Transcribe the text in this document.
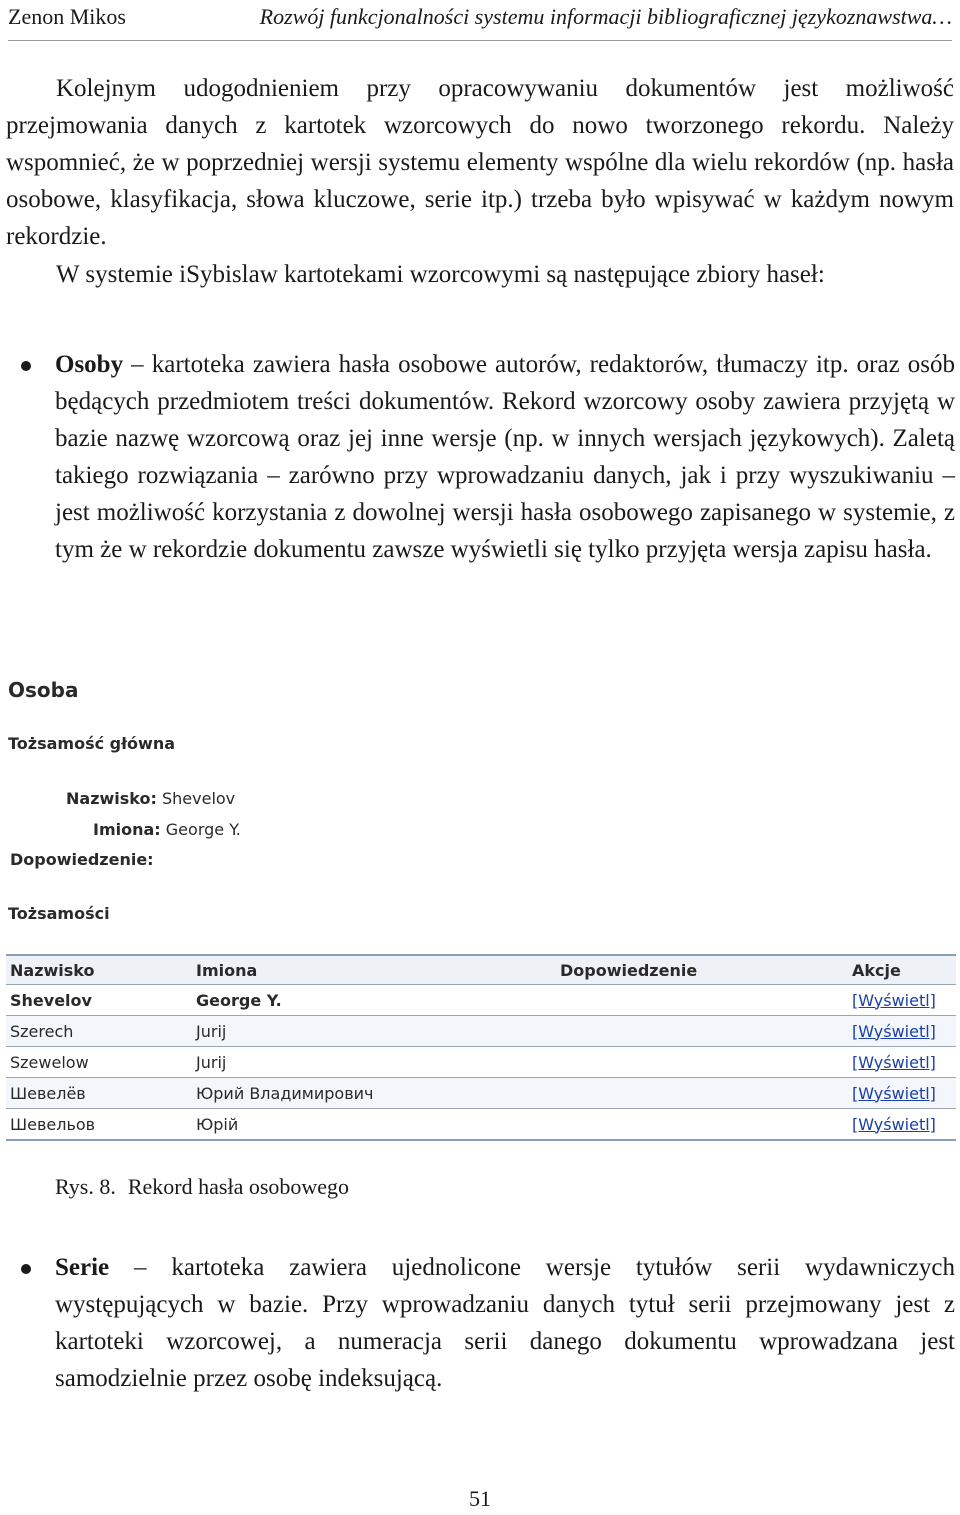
Zenon Mikos	Rozwój funkcjonalności systemu informacji bibliograficznej językoznawstwa…

Kolejnym udogodnieniem przy opracowywaniu dokumentów jest możliwość przejmowania danych z kartotek wzorcowych do nowo tworzonego rekordu. Należy wspomnieć, że w poprzedniej wersji systemu elementy wspólne dla wielu rekordów (np. hasła osobowe, klasyfikacja, słowa kluczowe, serie itp.) trzeba było wpisywać w każdym nowym rekordzie.

W systemie iSybislaw kartotekami wzorcowymi są następujące zbiory haseł:

Osoby – kartoteka zawiera hasła osobowe autorów, redaktorów, tłumaczy itp. oraz osób będących przedmiotem treści dokumentów. Rekord wzorcowy osoby zawiera przyjętą w bazie nazwę wzorcową oraz jej inne wersje (np. w innych wersjach językowych). Zaletą takiego rozwiązania – zarówno przy wprowadzaniu danych, jak i przy wyszukiwaniu – jest możliwość korzystania z dowolnej wersji hasła osobowego zapisanego w systemie, z tym że w rekordzie dokumentu zawsze wyświetli się tylko przyjęta wersja zapisu hasła.

Osoba
Tożsamość główna
Nazwisko: Shevelov
Imiona: George Y.
Dopowiedzenie:
Tożsamości
Nazwisko	Imiona	Dopowiedzenie	Akcje
Shevelov	George Y.		[Wyświetl]
Szerech	Jurij		[Wyświetl]
Szewelow	Jurij		[Wyświetl]
Шевелёв	Юрий Владимирович		[Wyświetl]
Шевельов	Юрiй		[Wyświetl]
Rys. 8. Rekord hasła osobowego

Serie – kartoteka zawiera ujednolicone wersje tytułów serii wydawniczych występujących w bazie. Przy wprowadzaniu danych tytuł serii przejmowany jest z kartoteki wzorcowej, a numeracja serii danego dokumentu wprowadzana jest samodzielnie przez osobę indeksującą.

51
